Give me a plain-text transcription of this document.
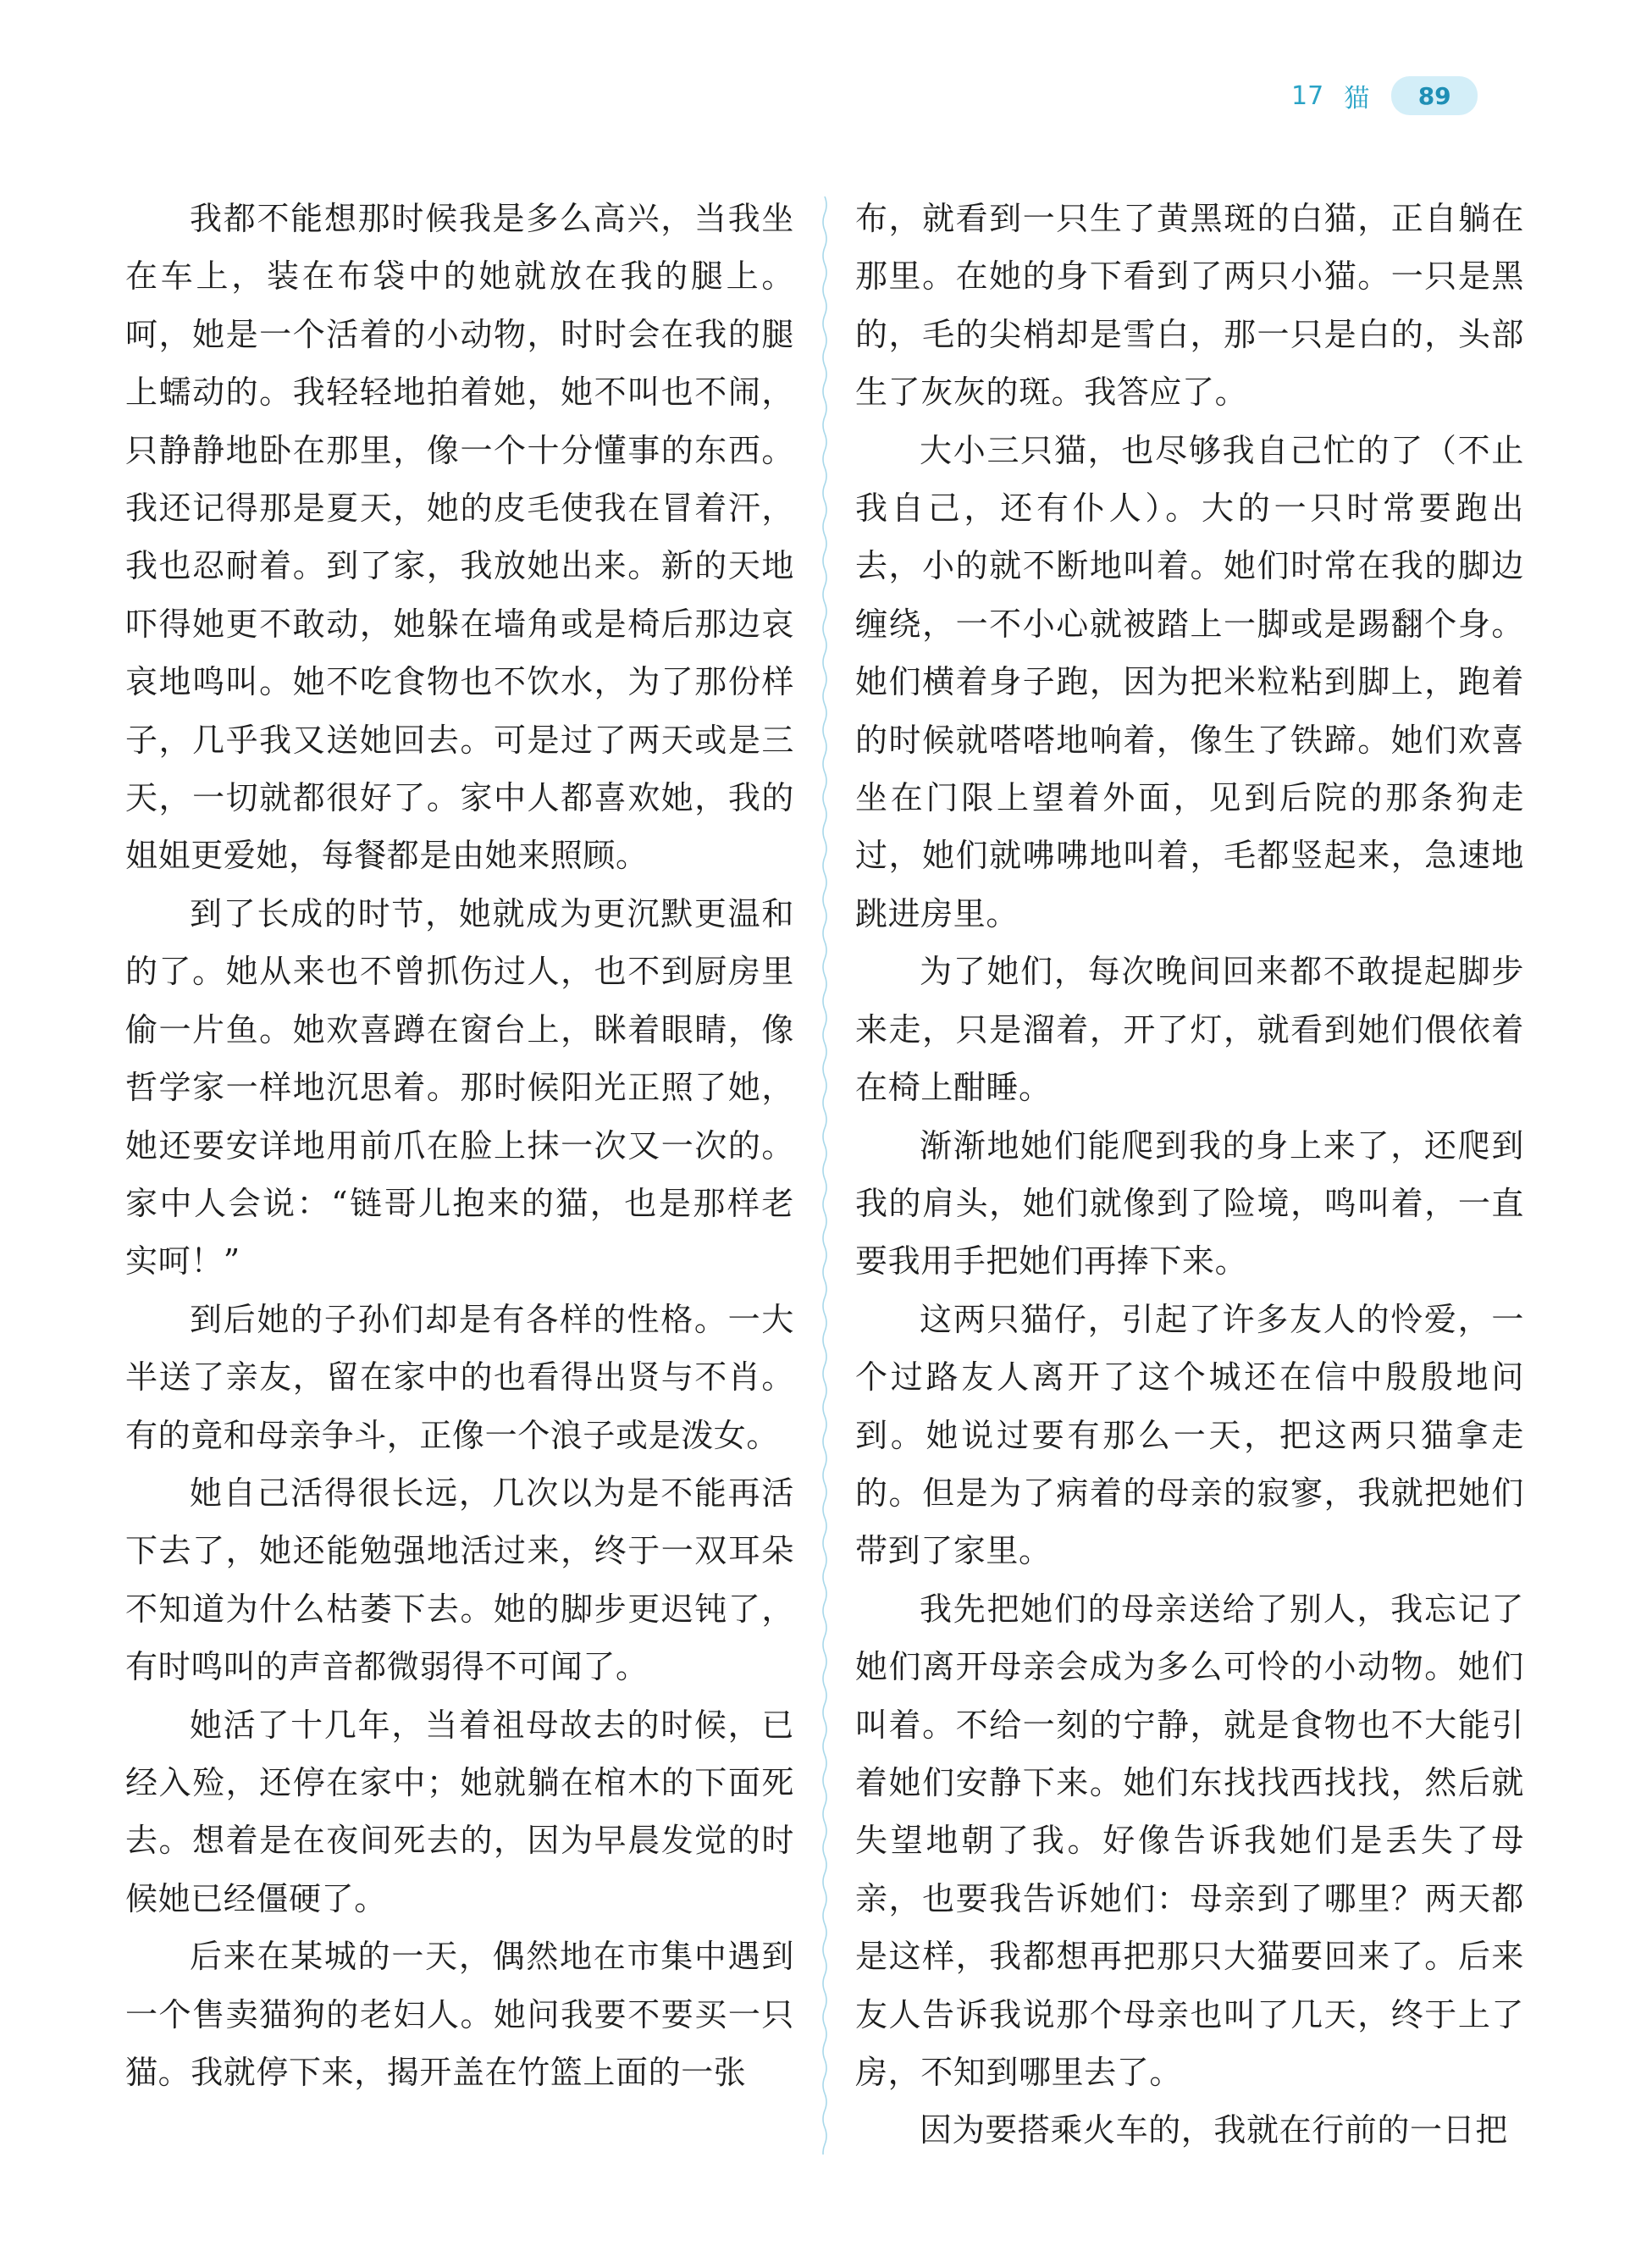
17 猫	89

我都不能想那时候我是多么高兴，当我坐在车上，装在布袋中的她就放在我的腿上。呵，她是一个活着的小动物，时时会在我的腿上蠕动的。我轻轻地拍着她，她不叫也不闹，只静静地卧在那里，像一个十分懂事的东西。我还记得那是夏天，她的皮毛使我在冒着汗，我也忍耐着。到了家，我放她出来。新的天地吓得她更不敢动，她躲在墙角或是椅后那边哀哀地鸣叫。她不吃食物也不饮水，为了那份样子，几乎我又送她回去。可是过了两天或是三天，一切就都很好了。家中人都喜欢她，我的姐姐更爱她，每餐都是由她来照顾。

到了长成的时节，她就成为更沉默更温和的了。她从来也不曾抓伤过人，也不到厨房里偷一片鱼。她欢喜蹲在窗台上，眯着眼睛，像哲学家一样地沉思着。那时候阳光正照了她，她还要安详地用前爪在脸上抹一次又一次的。家中人会说：“链哥儿抱来的猫，也是那样老实呵！”

到后她的子孙们却是有各样的性格。一大半送了亲友，留在家中的也看得出贤与不肖。有的竟和母亲争斗，正像一个浪子或是泼女。

她自己活得很长远，几次以为是不能再活下去了，她还能勉强地活过来，终于一双耳朵不知道为什么枯萎下去。她的脚步更迟钝了，有时鸣叫的声音都微弱得不可闻了。

她活了十几年，当着祖母故去的时候，已经入殓，还停在家中；她就躺在棺木的下面死去。想着是在夜间死去的，因为早晨发觉的时候她已经僵硬了。

后来在某城的一天，偶然地在市集中遇到一个售卖猫狗的老妇人。她问我要不要买一只猫。我就停下来，揭开盖在竹篮上面的一张

布，就看到一只生了黄黑斑的白猫，正自躺在那里。在她的身下看到了两只小猫。一只是黑的，毛的尖梢却是雪白，那一只是白的，头部生了灰灰的斑。我答应了。

大小三只猫，也尽够我自己忙的了（不止我自己，还有仆人）。大的一只时常要跑出去，小的就不断地叫着。她们时常在我的脚边缠绕，一不小心就被踏上一脚或是踢翻个身。她们横着身子跑，因为把米粒粘到脚上，跑着的时候就嗒嗒地响着，像生了铁蹄。她们欢喜坐在门限上望着外面，见到后院的那条狗走过，她们就咈咈地叫着，毛都竖起来，急速地跳进房里。

为了她们，每次晚间回来都不敢提起脚步来走，只是溜着，开了灯，就看到她们偎依着在椅上酣睡。

渐渐地她们能爬到我的身上来了，还爬到我的肩头，她们就像到了险境，鸣叫着，一直要我用手把她们再捧下来。

这两只猫仔，引起了许多友人的怜爱，一个过路友人离开了这个城还在信中殷殷地问到。她说过要有那么一天，把这两只猫拿走的。但是为了病着的母亲的寂寥，我就把她们带到了家里。

我先把她们的母亲送给了别人，我忘记了她们离开母亲会成为多么可怜的小动物。她们叫着。不给一刻的宁静，就是食物也不大能引着她们安静下来。她们东找找西找找，然后就失望地朝了我。好像告诉我她们是丢失了母亲，也要我告诉她们：母亲到了哪里？两天都是这样，我都想再把那只大猫要回来了。后来友人告诉我说那个母亲也叫了几天，终于上了房，不知到哪里去了。

因为要搭乘火车的，我就在行前的一日把
